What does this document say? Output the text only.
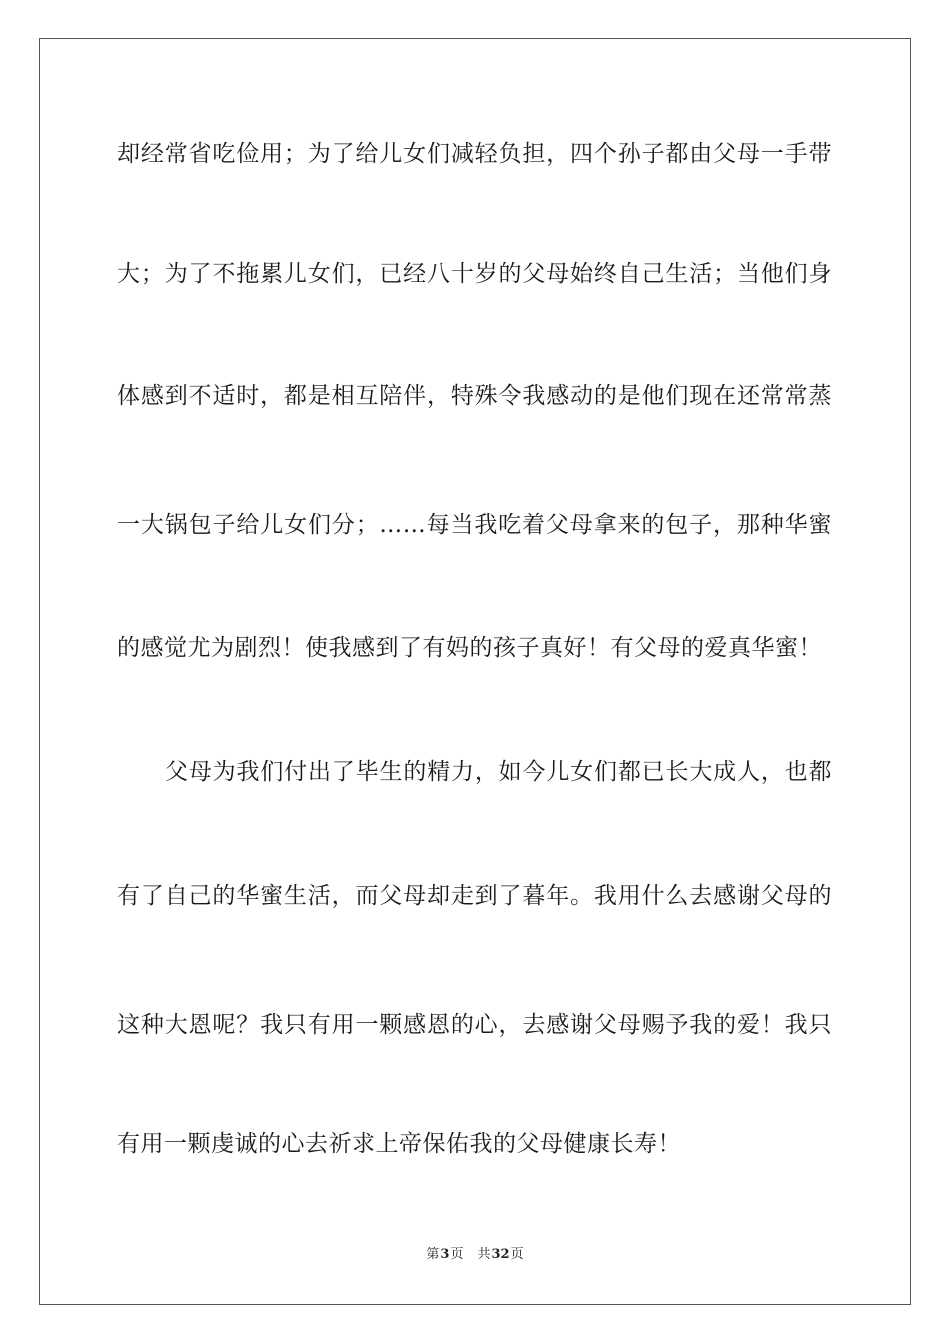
却经常省吃俭用；为了给儿女们减轻负担，四个孙子都由父母一手带
大；为了不拖累儿女们，已经八十岁的父母始终自己生活；当他们身
体感到不适时，都是相互陪伴，特殊令我感动的是他们现在还常常蒸
一大锅包子给儿女们分；……每当我吃着父母拿来的包子，那种华蜜
的感觉尤为剧烈！使我感到了有妈的孩子真好！有父母的爱真华蜜！
父母为我们付出了毕生的精力，如今儿女们都已长大成人，也都
有了自己的华蜜生活，而父母却走到了暮年。我用什么去感谢父母的
这种大恩呢？我只有用一颗感恩的心，去感谢父母赐予我的爱！我只
有用一颗虔诚的心去祈求上帝保佑我的父母健康长寿！
第3页 共32页
